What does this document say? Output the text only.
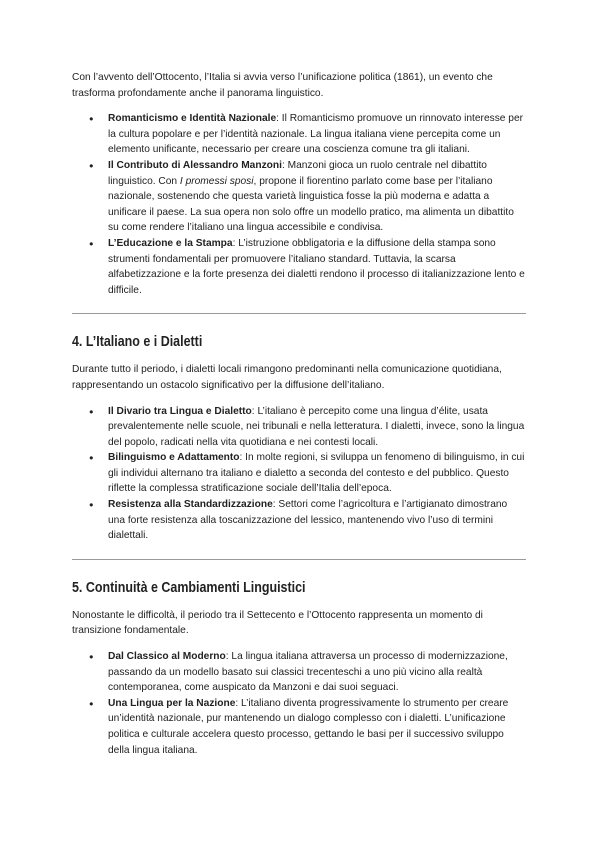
Con l’avvento dell’Ottocento, l’Italia si avvia verso l’unificazione politica (1861), un evento che trasforma profondamente anche il panorama linguistico.

● Romanticismo e Identità Nazionale: Il Romanticismo promuove un rinnovato interesse per la cultura popolare e per l’identità nazionale. La lingua italiana viene percepita come un elemento unificante, necessario per creare una coscienza comune tra gli italiani.
● Il Contributo di Alessandro Manzoni: Manzoni gioca un ruolo centrale nel dibattito linguistico. Con I promessi sposi, propone il fiorentino parlato come base per l’italiano nazionale, sostenendo che questa varietà linguistica fosse la più moderna e adatta a unificare il paese. La sua opera non solo offre un modello pratico, ma alimenta un dibattito su come rendere l’italiano una lingua accessibile e condivisa.
● L’Educazione e la Stampa: L’istruzione obbligatoria e la diffusione della stampa sono strumenti fondamentali per promuovere l’italiano standard. Tuttavia, la scarsa alfabetizzazione e la forte presenza dei dialetti rendono il processo di italianizzazione lento e difficile.
4. L’Italiano e i Dialetti

Durante tutto il periodo, i dialetti locali rimangono predominanti nella comunicazione quotidiana, rappresentando un ostacolo significativo per la diffusione dell’italiano.

● Il Divario tra Lingua e Dialetto: L’italiano è percepito come una lingua d’élite, usata prevalentemente nelle scuole, nei tribunali e nella letteratura. I dialetti, invece, sono la lingua del popolo, radicati nella vita quotidiana e nei contesti locali.
● Bilinguismo e Adattamento: In molte regioni, si sviluppa un fenomeno di bilinguismo, in cui gli individui alternano tra italiano e dialetto a seconda del contesto e del pubblico. Questo riflette la complessa stratificazione sociale dell’Italia dell’epoca.
● Resistenza alla Standardizzazione: Settori come l’agricoltura e l’artigianato dimostrano una forte resistenza alla toscanizzazione del lessico, mantenendo vivo l’uso di termini dialettali.
5. Continuità e Cambiamenti Linguistici

Nonostante le difficoltà, il periodo tra il Settecento e l’Ottocento rappresenta un momento di transizione fondamentale.

● Dal Classico al Moderno: La lingua italiana attraversa un processo di modernizzazione, passando da un modello basato sui classici trecenteschi a uno più vicino alla realtà contemporanea, come auspicato da Manzoni e dai suoi seguaci.
● Una Lingua per la Nazione: L’italiano diventa progressivamente lo strumento per creare un’identità nazionale, pur mantenendo un dialogo complesso con i dialetti. L’unificazione politica e culturale accelera questo processo, gettando le basi per il successivo sviluppo della lingua italiana.
